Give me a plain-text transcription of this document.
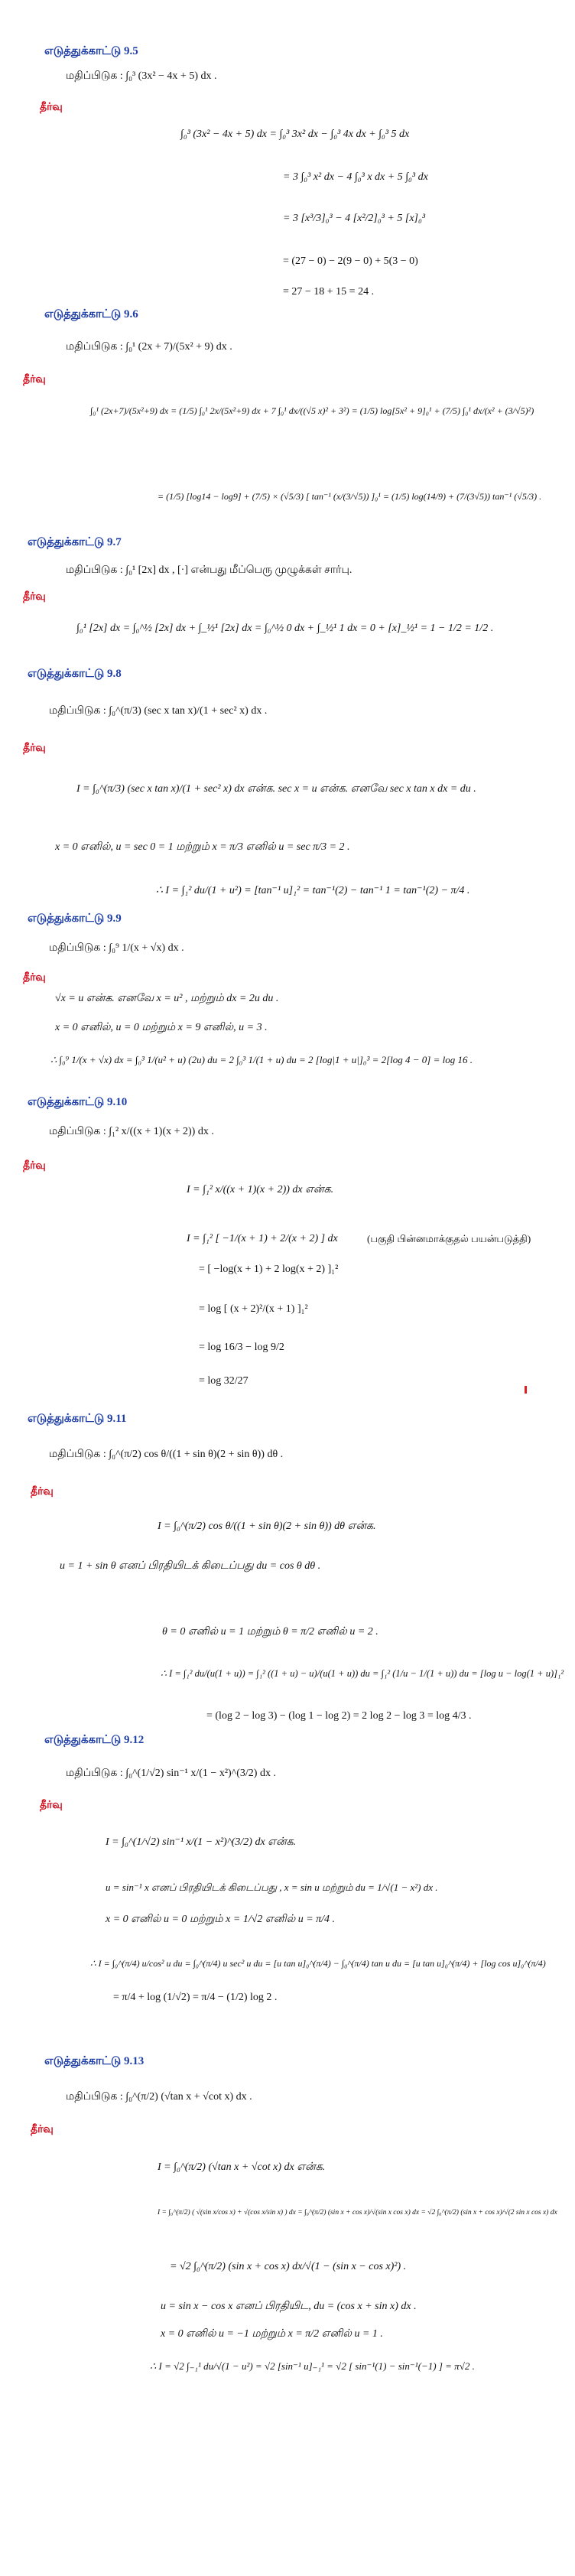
எடுத்துக்காட்டு 9.5
மதிப்பிடுக : ∫₀³ (3x² − 4x + 5) dx .
தீர்வு
∫₀³ (3x² − 4x + 5) dx = ∫₀³ 3x² dx − ∫₀³ 4x dx + ∫₀³ 5 dx
= 3 ∫₀³ x² dx − 4 ∫₀³ x dx + 5 ∫₀³ dx
= 3 [x³/3]₀³ − 4 [x²/2]₀³ + 5 [x]₀³
= (27 − 0) − 2(9 − 0) + 5(3 − 0)
= 27 − 18 + 15 = 24 .
எடுத்துக்காட்டு 9.6
மதிப்பிடுக : ∫₀¹ (2x + 7)/(5x² + 9) dx .
தீர்வு
∫₀¹ (2x+7)/(5x²+9) dx = (1/5) ∫₀¹ 2x/(5x²+9) dx + 7 ∫₀¹ dx/((√5 x)² + 3²) = (1/5) log[5x² + 9]₀¹ + (7/5) ∫₀¹ dx/(x² + (3/√5)²)
= (1/5) [log14 − log9] + (7/5) × (√5/3) [ tan⁻¹ (x/(3/√5)) ]₀¹ = (1/5) log(14/9) + (7/(3√5)) tan⁻¹ (√5/3) .
எடுத்துக்காட்டு 9.7
மதிப்பிடுக : ∫₀¹ [2x] dx , [·] என்பது மீப்பெரு முழுக்கள் சார்பு.
தீர்வு
∫₀¹ [2x] dx = ∫₀^½ [2x] dx + ∫_½¹ [2x] dx = ∫₀^½ 0 dx + ∫_½¹ 1 dx = 0 + [x]_½¹ = 1 − 1/2 = 1/2 .
எடுத்துக்காட்டு 9.8
மதிப்பிடுக : ∫₀^(π/3) (sec x tan x)/(1 + sec² x) dx .
தீர்வு
I = ∫₀^(π/3) (sec x tan x)/(1 + sec² x) dx என்க. sec x = u என்க. எனவே sec x tan x dx = du .
x = 0 எனில், u = sec 0 = 1 மற்றும் x = π/3 எனில் u = sec π/3 = 2 .
∴ I = ∫₁² du/(1 + u²) = [tan⁻¹ u]₁² = tan⁻¹(2) − tan⁻¹ 1 = tan⁻¹(2) − π/4 .
எடுத்துக்காட்டு 9.9
மதிப்பிடுக : ∫₀⁹ 1/(x + √x) dx .
தீர்வு
√x = u என்க. எனவே x = u² , மற்றும் dx = 2u du .
x = 0 எனில், u = 0 மற்றும் x = 9 எனில், u = 3 .
∴ ∫₀⁹ 1/(x + √x) dx = ∫₀³ 1/(u² + u) (2u) du = 2 ∫₀³ 1/(1 + u) du = 2 [log|1 + u|]₀³ = 2[log 4 − 0] = log 16 .
எடுத்துக்காட்டு 9.10
மதிப்பிடுக : ∫₁² x/((x + 1)(x + 2)) dx .
தீர்வு
I = ∫₁² x/((x + 1)(x + 2)) dx என்க.
I = ∫₁² [ −1/(x + 1) + 2/(x + 2) ] dx	(பகுதி பின்னமாக்குதல் பயன்படுத்தி)
= [ −log(x + 1) + 2 log(x + 2) ]₁²
= log [ (x + 2)²/(x + 1) ]₁²
= log 16/3 − log 9/2
= log 32/27
எடுத்துக்காட்டு 9.11
மதிப்பிடுக : ∫₀^(π/2) cos θ/((1 + sin θ)(2 + sin θ)) dθ .
தீர்வு
I = ∫₀^(π/2) cos θ/((1 + sin θ)(2 + sin θ)) dθ என்க.
u = 1 + sin θ எனப் பிரதியிடக் கிடைப்பது du = cos θ dθ .
θ = 0 எனில் u = 1 மற்றும் θ = π/2 எனில் u = 2 .
∴ I = ∫₁² du/(u(1 + u)) = ∫₁² ((1 + u) − u)/(u(1 + u)) du = ∫₁² (1/u − 1/(1 + u)) du = [log u − log(1 + u)]₁²
= (log 2 − log 3) − (log 1 − log 2) = 2 log 2 − log 3 = log 4/3 .
எடுத்துக்காட்டு 9.12
மதிப்பிடுக : ∫₀^(1/√2) sin⁻¹ x/(1 − x²)^(3/2) dx .
தீர்வு
I = ∫₀^(1/√2) sin⁻¹ x/(1 − x²)^(3/2) dx என்க.
u = sin⁻¹ x எனப் பிரதியிடக் கிடைப்பது , x = sin u மற்றும் du = 1/√(1 − x²) dx .
x = 0 எனில் u = 0 மற்றும் x = 1/√2 எனில் u = π/4 .
∴ I = ∫₀^(π/4) u/cos² u du = ∫₀^(π/4) u sec² u du = [u tan u]₀^(π/4) − ∫₀^(π/4) tan u du = [u tan u]₀^(π/4) + [log cos u]₀^(π/4)
= π/4 + log (1/√2) = π/4 − (1/2) log 2 .
எடுத்துக்காட்டு 9.13
மதிப்பிடுக : ∫₀^(π/2) (√tan x + √cot x) dx .
தீர்வு
I = ∫₀^(π/2) (√tan x + √cot x) dx என்க.
I = ∫₀^(π/2) ( √(sin x/cos x) + √(cos x/sin x) ) dx = ∫₀^(π/2) (sin x + cos x)/√(sin x cos x) dx = √2 ∫₀^(π/2) (sin x + cos x)/√(2 sin x cos x) dx
= √2 ∫₀^(π/2) (sin x + cos x) dx/√(1 − (sin x − cos x)²) .
u = sin x − cos x எனப் பிரதியிட, du = (cos x + sin x) dx .
x = 0 எனில் u = −1 மற்றும் x = π/2 எனில் u = 1 .
∴ I = √2 ∫₋₁¹ du/√(1 − u²) = √2 [sin⁻¹ u]₋₁¹ = √2 [ sin⁻¹(1) − sin⁻¹(−1) ] = π√2 .
